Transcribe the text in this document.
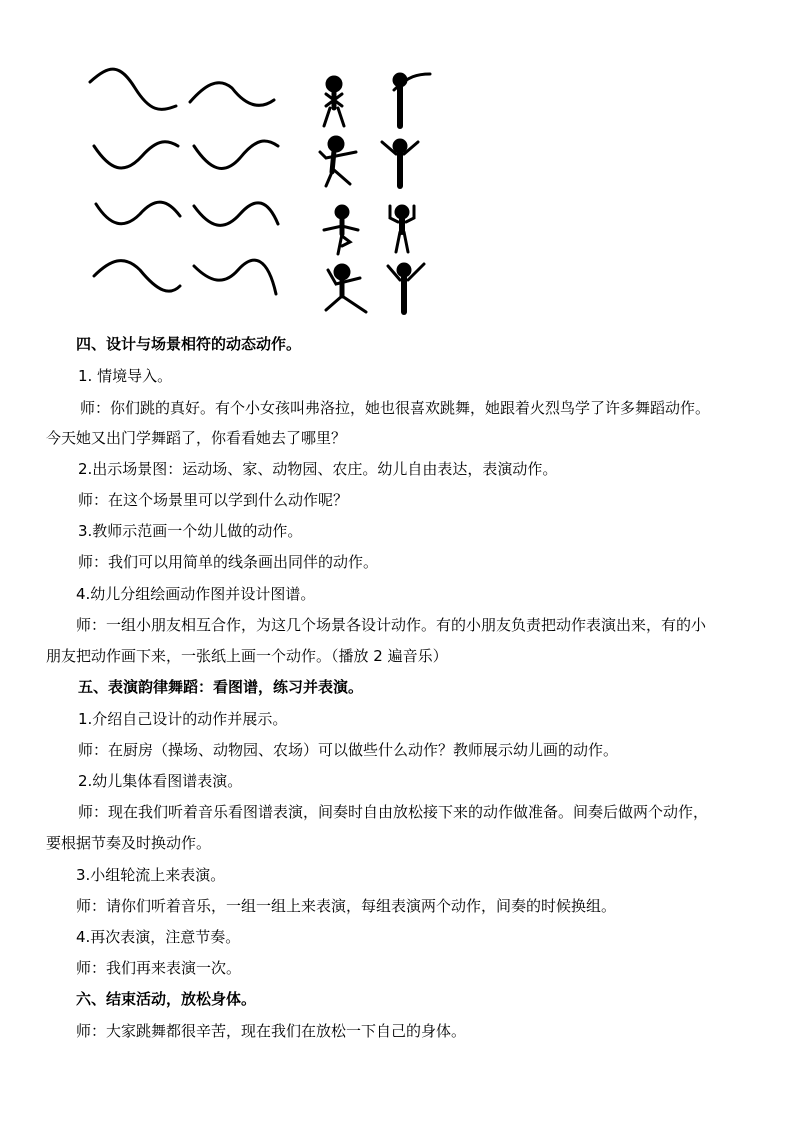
四、设计与场景相符的动态动作。
1. 情境导入。
师：你们跳的真好。有个小女孩叫弗洛拉，她也很喜欢跳舞，她跟着火烈鸟学了许多舞蹈动作。
今天她又出门学舞蹈了，你看看她去了哪里？
2.出示场景图：运动场、家、动物园、农庄。幼儿自由表达，表演动作。
师：在这个场景里可以学到什么动作呢？
3.教师示范画一个幼儿做的动作。
师：我们可以用简单的线条画出同伴的动作。
4.幼儿分组绘画动作图并设计图谱。
师：一组小朋友相互合作，为这几个场景各设计动作。有的小朋友负责把动作表演出来，有的小
朋友把动作画下来，一张纸上画一个动作。（播放 2 遍音乐）
五、表演韵律舞蹈：看图谱，练习并表演。
1.介绍自己设计的动作并展示。
师：在厨房（操场、动物园、农场）可以做些什么动作？教师展示幼儿画的动作。
2.幼儿集体看图谱表演。
师：现在我们听着音乐看图谱表演，间奏时自由放松接下来的动作做准备。间奏后做两个动作，
要根据节奏及时换动作。
3.小组轮流上来表演。
师：请你们听着音乐，一组一组上来表演，每组表演两个动作，间奏的时候换组。
4.再次表演，注意节奏。
师：我们再来表演一次。
六、结束活动，放松身体。
师：大家跳舞都很辛苦，现在我们在放松一下自己的身体。
